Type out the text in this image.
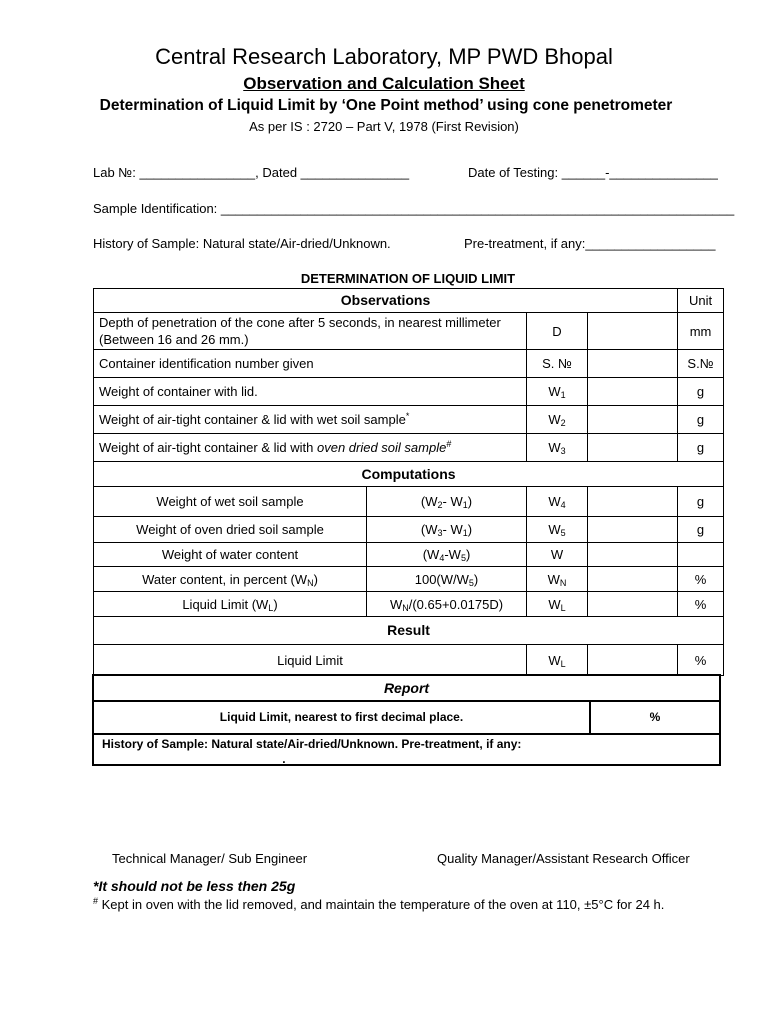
Central Research Laboratory, MP PWD Bhopal
Observation and Calculation Sheet
Determination of Liquid Limit by ‘One Point method’ using cone penetrometer
As per IS : 2720 – Part V, 1978 (First Revision)
Lab №: ________________, Dated _______________	Date of Testing: ______-_______________
Sample Identification: _______________________________________________________________________
History of Sample: Natural state/Air-dried/Unknown.	Pre-treatment, if any:__________________
DETERMINATION OF LIQUID LIMIT
Observations				Unit
Depth of penetration of the cone after 5 seconds, in nearest millimeter (Between 16 and 26 mm.)		D		mm
Container identification number given		S. №		S.№
Weight of container with lid.		$W_1$		g
Weight of air-tight container & lid with wet soil sample*		$W_2$		g
Weight of air-tight container & lid with oven dried soil sample#		$W_3$		g
Computations				
Weight of wet soil sample	($W_2-$ $W_1$)	$W_4$		g
Weight of oven dried soil sample	($W_3-$ $W_1$)	$W_5$		g
Weight of water content	$(W_4-W_5)$	W		
Water content, in percent $(W_N)$	$100(W/W_5)$	$W_N$		%
Liquid Limit $(W_L)$	$W_N/(0.65+0.0175D)$	$W_L$		%
Result				
Liquid Limit		$W_L$		%
Report
Liquid Limit, nearest to first decimal place.	%
History of Sample: Natural state/Air-dried/Unknown. Pre-treatment, if any:
___________________________.
Technical Manager/ Sub Engineer	Quality Manager/Assistant Research Officer
*It should not be less then 25g
# Kept in oven with the lid removed, and maintain the temperature of the oven at 110, ±5°C for 24 h.
